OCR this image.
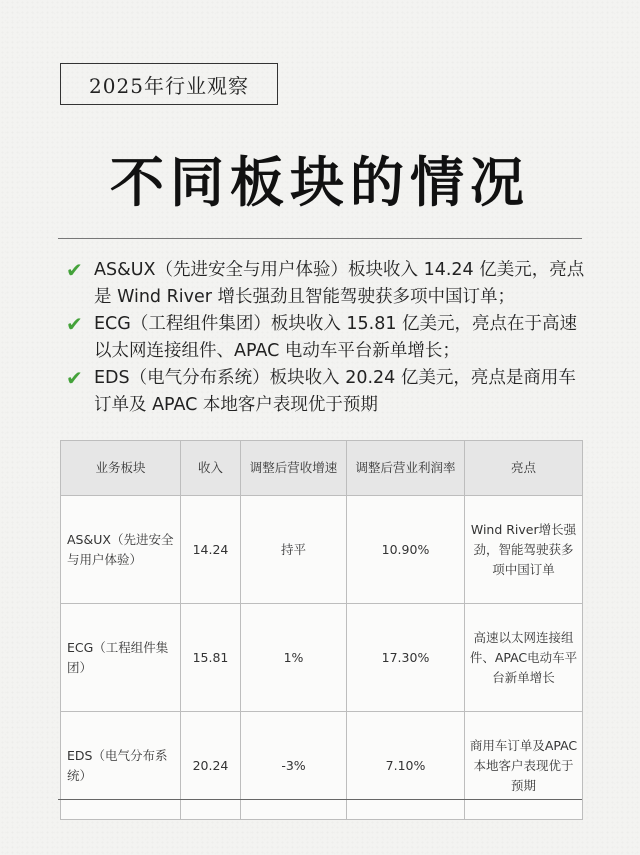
2025年行业观察
不同板块的情况
✔ AS&UX（先进安全与用户体验）板块收入 14.24 亿美元，亮点是 Wind River 增长强劲且智能驾驶获多项中国订单；
✔ ECG（工程组件集团）板块收入 15.81 亿美元，亮点在于高速以太网连接组件、APAC 电动车平台新单增长；
✔ EDS（电气分布系统）板块收入 20.24 亿美元，亮点是商用车订单及 APAC 本地客户表现优于预期
业务板块	收入	调整后营收增速	调整后营业利润率	亮点
AS&UX（先进安全与用户体验）	14.24	持平	10.90%	Wind River增长强劲，智能驾驶获多项中国订单
ECG（工程组件集团）	15.81	1%	17.30%	高速以太网连接组件、APAC电动车平台新单增长
EDS（电气分布系统）	20.24	-3%	7.10%	商用车订单及APAC本地客户表现优于预期
